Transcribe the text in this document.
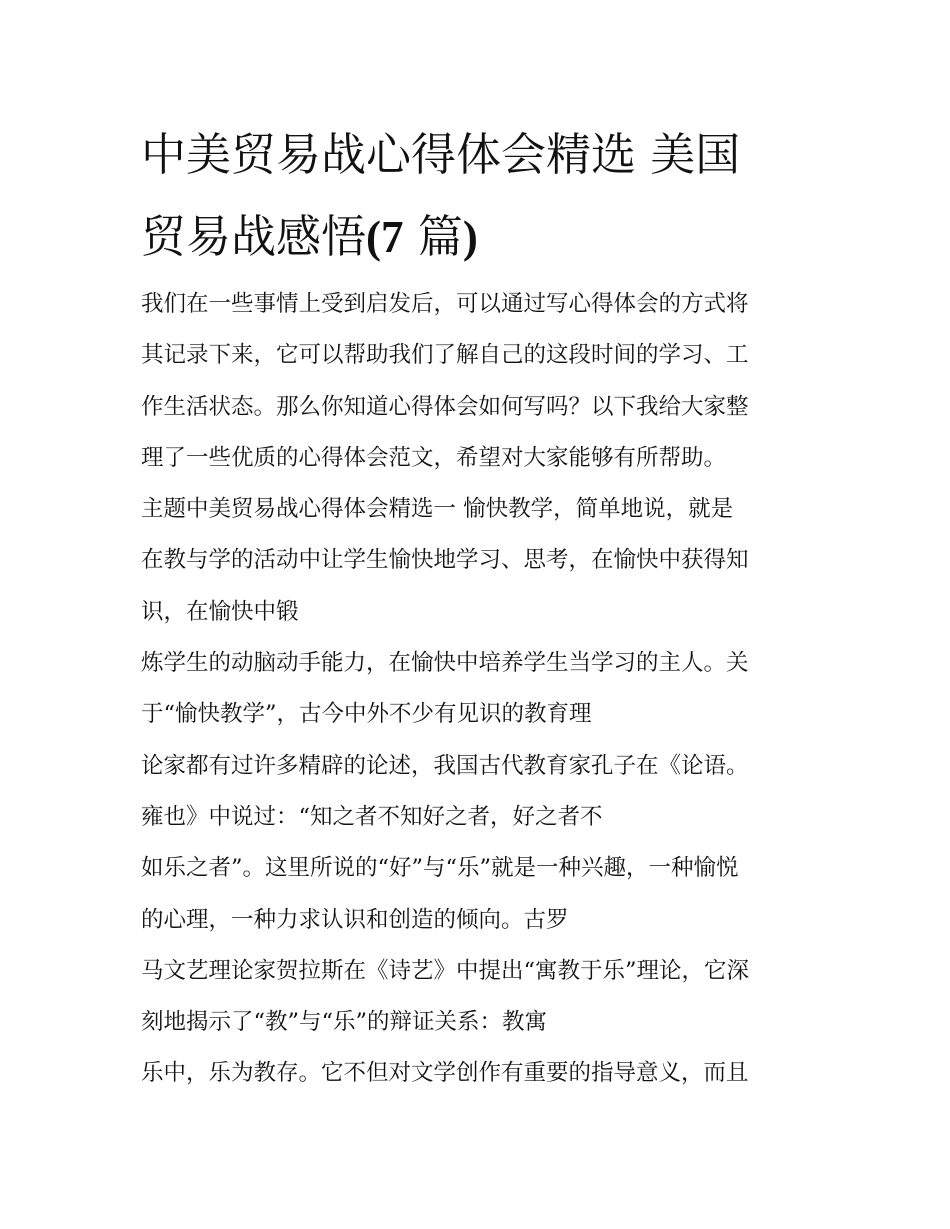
中美贸易战心得体会精选 美国
贸易战感悟(7 篇)
我们在一些事情上受到启发后，可以通过写心得体会的方式将
其记录下来，它可以帮助我们了解自己的这段时间的学习、工
作生活状态。那么你知道心得体会如何写吗？以下我给大家整
理了一些优质的心得体会范文，希望对大家能够有所帮助。
主题中美贸易战心得体会精选一 愉快教学，简单地说，就是
在教与学的活动中让学生愉快地学习、思考，在愉快中获得知
识，在愉快中锻
炼学生的动脑动手能力，在愉快中培养学生当学习的主人。关
于“愉快教学”，古今中外不少有见识的教育理
论家都有过许多精辟的论述，我国古代教育家孔子在《论语。
雍也》中说过：“知之者不知好之者，好之者不
如乐之者”。这里所说的“好”与“乐”就是一种兴趣，一种愉悦
的心理，一种力求认识和创造的倾向。古罗
马文艺理论家贺拉斯在《诗艺》中提出“寓教于乐”理论，它深
刻地揭示了“教”与“乐”的辩证关系：教寓
乐中，乐为教存。它不但对文学创作有重要的指导意义，而且
